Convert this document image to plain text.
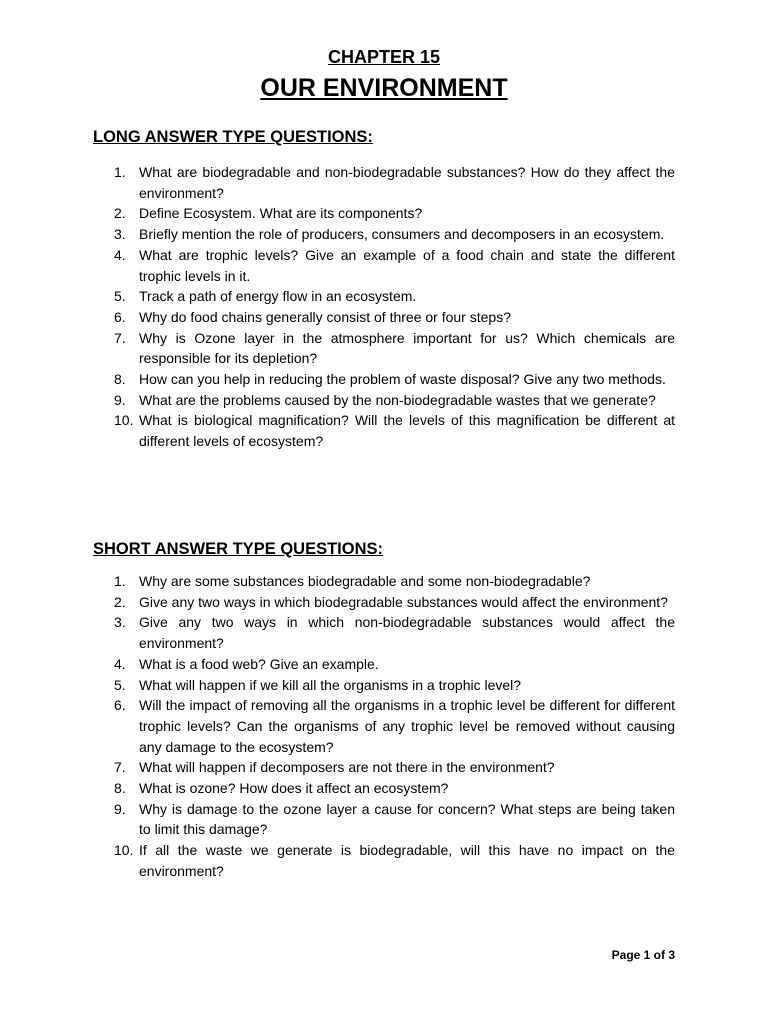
CHAPTER 15
OUR ENVIRONMENT
LONG ANSWER TYPE QUESTIONS:
1. What are biodegradable and non-biodegradable substances? How do they affect the environment?
2. Define Ecosystem. What are its components?
3. Briefly mention the role of producers, consumers and decomposers in an ecosystem.
4. What are trophic levels? Give an example of a food chain and state the different trophic levels in it.
5. Track a path of energy flow in an ecosystem.
6. Why do food chains generally consist of three or four steps?
7. Why is Ozone layer in the atmosphere important for us? Which chemicals are responsible for its depletion?
8. How can you help in reducing the problem of waste disposal? Give any two methods.
9. What are the problems caused by the non-biodegradable wastes that we generate?
10. What is biological magnification? Will the levels of this magnification be different at different levels of ecosystem?
SHORT ANSWER TYPE QUESTIONS:
1. Why are some substances biodegradable and some non-biodegradable?
2. Give any two ways in which biodegradable substances would affect the environment?
3. Give any two ways in which non-biodegradable substances would affect the environment?
4. What is a food web? Give an example.
5. What will happen if we kill all the organisms in a trophic level?
6. Will the impact of removing all the organisms in a trophic level be different for different trophic levels? Can the organisms of any trophic level be removed without causing any damage to the ecosystem?
7. What will happen if decomposers are not there in the environment?
8. What is ozone? How does it affect an ecosystem?
9. Why is damage to the ozone layer a cause for concern? What steps are being taken to limit this damage?
10. If all the waste we generate is biodegradable, will this have no impact on the environment?
Page 1 of 3
